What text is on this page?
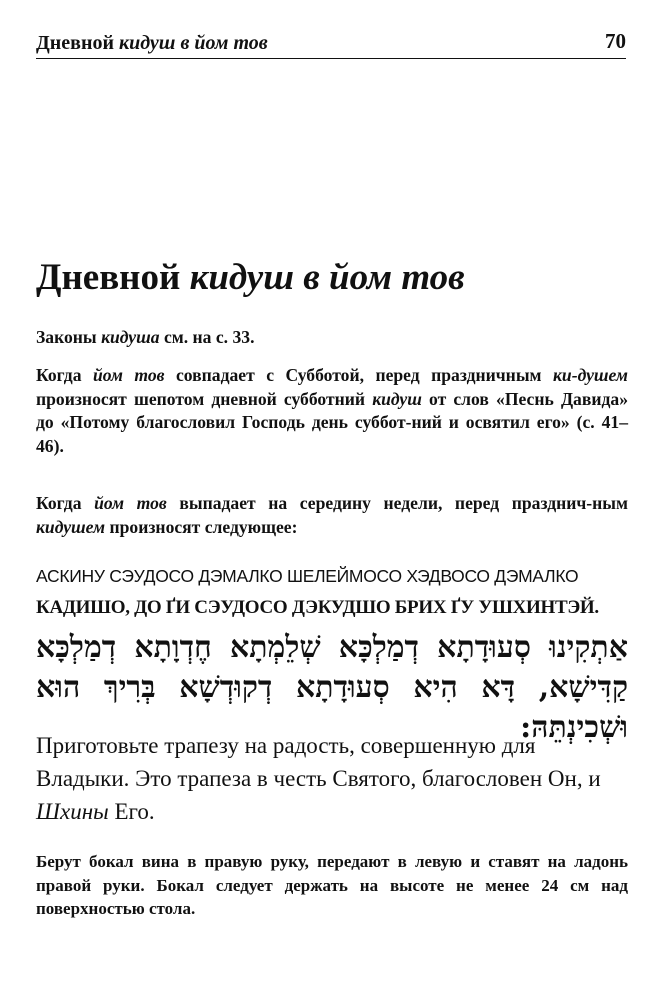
Дневной кидуш в йом тов	70
Дневной кидуш в йом тов

Законы кидуша см. на с. 33.

Когда йом тов совпадает с Субботой, перед праздничным ки-душем произносят шепотом дневной субботний кидуш от слов «Песнь Давида» до «Потому благословил Господь день суббот-ний и освятил его» (с. 41–46).

Когда йом тов выпадает на середину недели, перед празднич-ным кидушем произносят следующее:

АСКИНУ СЭУДОСО ДЭМАЛКО ШЕЛЕЙМОСО ХЭДВОСО ДЭМАЛКО
КАДИШО, ДО ҐИ СЭУДОСО ДЭКУДШО БРИХ ҐУ УШХИНТЭЙ.

אַתְקִינוּ סְעוּדָתָא דְמַלְכָּא שְׁלֵמְתָא חֶדְוָתָא דְמַלְכָּא קַדִּישָׁא, דָּא הִיא סְעוּדָתָא דְקוּדְשָׁא בְּרִיךְ הוּא וּשְׁכִינְתֵּהּ:

Приготовьте трапезу на радость, совершенную для Владыки. Это трапеза в честь Святого, благословен Он, и Шхины Его.

Берут бокал вина в правую руку, передают в левую и ставят на ладонь правой руки. Бокал следует держать на высоте не менее 24 см над поверхностью стола.
